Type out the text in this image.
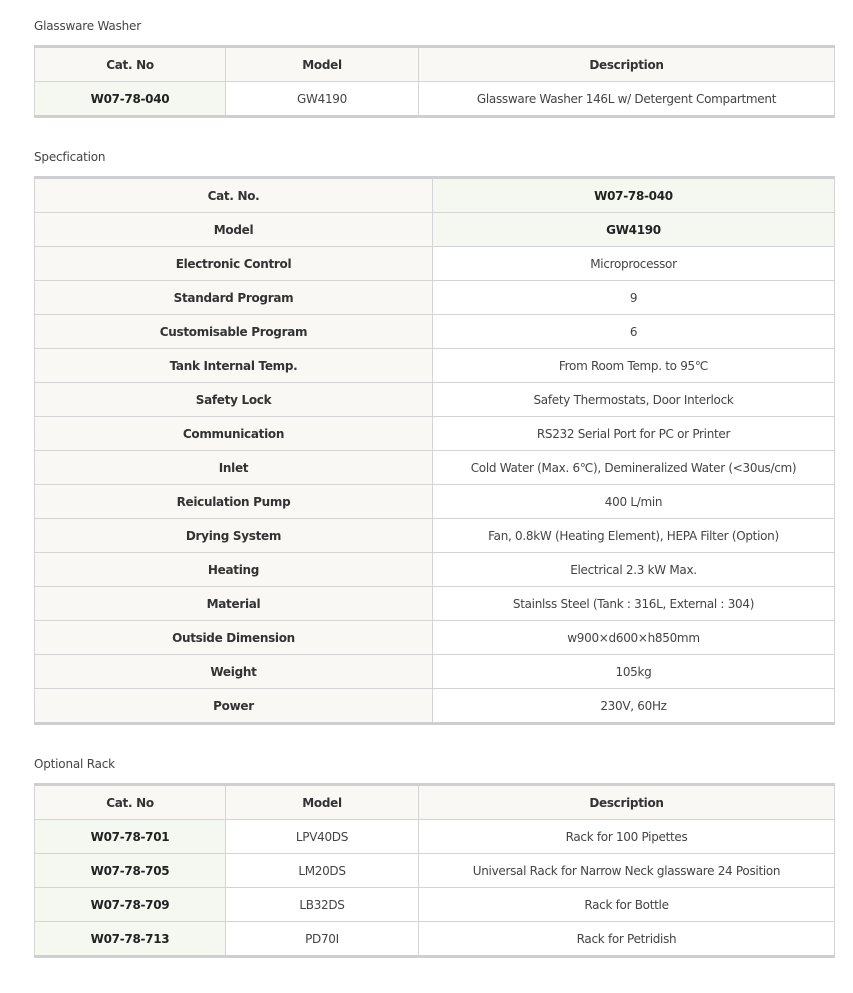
Glassware Washer
Cat. No	Model	Description
W07-78-040	GW4190	Glassware Washer 146L w/ Detergent Compartment
Specfication
Cat. No.	W07-78-040
Model	GW4190
Electronic Control	Microprocessor
Standard Program	9
Customisable Program	6
Tank Internal Temp.	From Room Temp. to 95℃
Safety Lock	Safety Thermostats, Door Interlock
Communication	RS232 Serial Port for PC or Printer
Inlet	Cold Water (Max. 6℃), Demineralized Water (<30us/cm)
Reiculation Pump	400 L/min
Drying System	Fan, 0.8kW (Heating Element), HEPA Filter (Option)
Heating	Electrical 2.3 kW Max.
Material	Stainlss Steel (Tank : 316L, External : 304)
Outside Dimension	w900×d600×h850mm
Weight	105kg
Power	230V, 60Hz
Optional Rack
Cat. No	Model	Description
W07-78-701	LPV40DS	Rack for 100 Pipettes
W07-78-705	LM20DS	Universal Rack for Narrow Neck glassware 24 Position
W07-78-709	LB32DS	Rack for Bottle
W07-78-713	PD70I	Rack for Petridish
